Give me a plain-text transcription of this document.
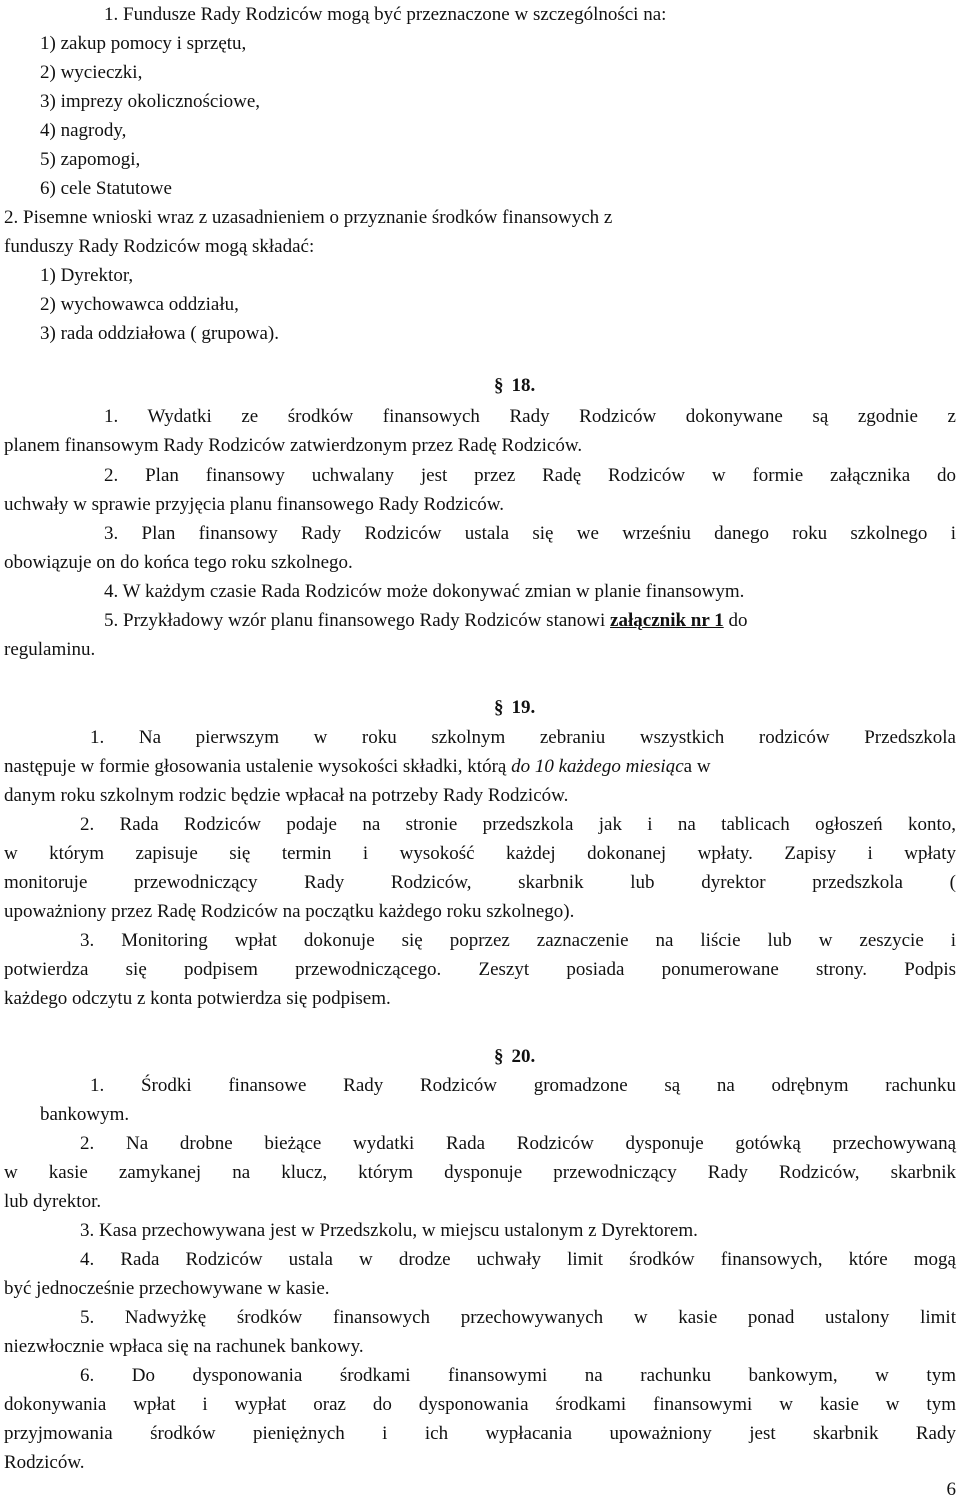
1. Fundusze Rady Rodziców mogą być przeznaczone w szczególności na:
1) zakup pomocy i sprzętu,
2) wycieczki,
3) imprezy okolicznościowe,
4) nagrody,
5) zapomogi,
6) cele Statutowe
2. Pisemne wnioski wraz z uzasadnieniem o przyznanie środków finansowych z
funduszy Rady Rodziców mogą składać:
1) Dyrektor,
2) wychowawca oddziału,
3) rada oddziałowa ( grupowa).
§ 18.
1. Wydatki ze środków finansowych Rady Rodziców dokonywane są zgodnie z
planem finansowym Rady Rodziców zatwierdzonym przez Radę Rodziców.
2. Plan finansowy uchwalany jest przez Radę Rodziców w formie załącznika do
uchwały w sprawie przyjęcia planu finansowego Rady Rodziców.
3. Plan finansowy Rady Rodziców ustala się we wrześniu danego roku szkolnego i
obowiązuje on do końca tego roku szkolnego.
4. W każdym czasie Rada Rodziców może dokonywać zmian w planie finansowym.
5. Przykładowy wzór planu finansowego Rady Rodziców stanowi załącznik nr 1 do
regulaminu.
§ 19.
1. Na pierwszym w roku szkolnym zebraniu wszystkich rodziców Przedszkola
następuje w formie głosowania ustalenie wysokości składki, którą do 10 każdego miesiąca w
danym roku szkolnym rodzic będzie wpłacał na potrzeby Rady Rodziców.
2. Rada Rodziców podaje na stronie przedszkola jak i na tablicach ogłoszeń konto,
w którym zapisuje się termin i wysokość każdej dokonanej wpłaty. Zapisy i wpłaty
monitoruje przewodniczący Rady Rodziców, skarbnik lub dyrektor przedszkola (
upoważniony przez Radę Rodziców na początku każdego roku szkolnego).
3. Monitoring wpłat dokonuje się poprzez zaznaczenie na liście lub w zeszycie i
potwierdza się podpisem przewodniczącego. Zeszyt posiada ponumerowane strony. Podpis
każdego odczytu z konta potwierdza się podpisem.
§ 20.
1. Środki finansowe Rady Rodziców gromadzone są na odrębnym rachunku
bankowym.
2. Na drobne bieżące wydatki Rada Rodziców dysponuje gotówką przechowywaną
w kasie zamykanej na klucz, którym dysponuje przewodniczący Rady Rodziców, skarbnik
lub dyrektor.
3. Kasa przechowywana jest w Przedszkolu, w miejscu ustalonym z Dyrektorem.
4. Rada Rodziców ustala w drodze uchwały limit środków finansowych, które mogą
być jednocześnie przechowywane w kasie.
5. Nadwyżkę środków finansowych przechowywanych w kasie ponad ustalony limit
niezwłocznie wpłaca się na rachunek bankowy.
6. Do dysponowania środkami finansowymi na rachunku bankowym, w tym
dokonywania wpłat i wypłat oraz do dysponowania środkami finansowymi w kasie w tym
przyjmowania środków pieniężnych i ich wypłacania upoważniony jest skarbnik Rady
Rodziców.
6
